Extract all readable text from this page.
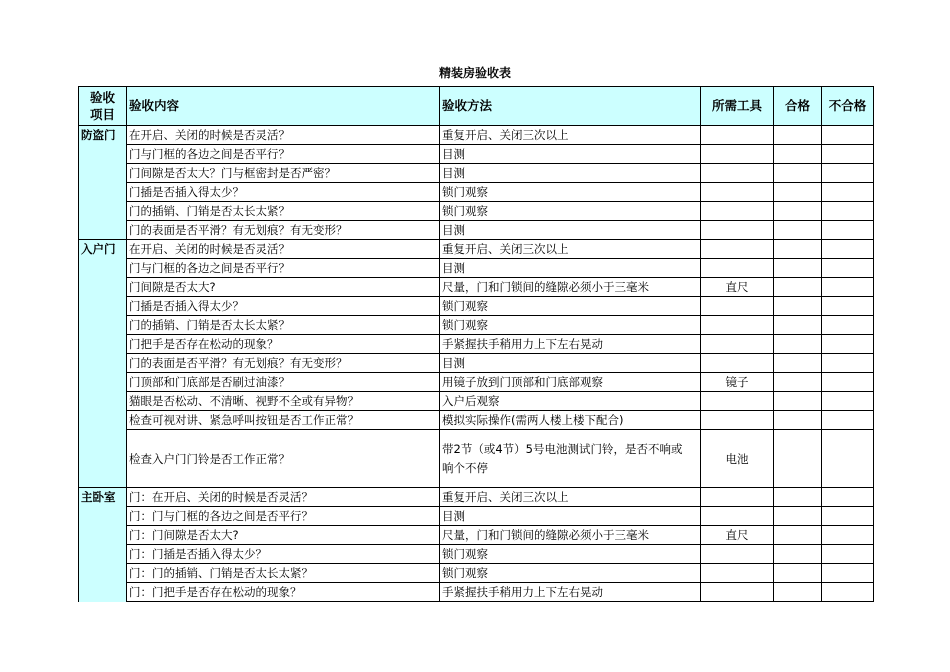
精装房验收表
验收
项目	验收内容	验收方法	所需工具	合格	不合格
防盗门	在开启、关闭的时候是否灵活？	重复开启、关闭三次以上			
	门与门框的各边之间是否平行？	目测			
	门间隙是否太大？门与框密封是否严密？	目测			
	门插是否插入得太少？	锁门观察			
	门的插销、门销是否太长太紧？	锁门观察			
	门的表面是否平滑？有无划痕？有无变形？	目测			
入户门	在开启、关闭的时候是否灵活？	重复开启、关闭三次以上			
	门与门框的各边之间是否平行？	目测			
	门间隙是否太大?	尺量，门和门锁间的缝隙必须小于三毫米	直尺		
	门插是否插入得太少？	锁门观察			
	门的插销、门销是否太长太紧？	锁门观察			
	门把手是否存在松动的现象？	手紧握扶手稍用力上下左右晃动			
	门的表面是否平滑？有无划痕？有无变形？	目测			
	门顶部和门底部是否刷过油漆？	用镜子放到门顶部和门底部观察	镜子		
	猫眼是否松动、不清晰、视野不全或有异物？	入户后观察			
	检查可视对讲、紧急呼叫按钮是否工作正常？	模拟实际操作(需两人楼上楼下配合)			
	检查入户门门铃是否工作正常？	带2节（或4节）5号电池测试门铃，是否不响或
响个不停	电池		
主卧室	门：在开启、关闭的时候是否灵活？	重复开启、关闭三次以上			
	门：门与门框的各边之间是否平行？	目测			
	门：门间隙是否太大?	尺量，门和门锁间的缝隙必须小于三毫米	直尺		
	门：门插是否插入得太少？	锁门观察			
	门：门的插销、门销是否太长太紧？	锁门观察			
	门：门把手是否存在松动的现象？	手紧握扶手稍用力上下左右晃动			
